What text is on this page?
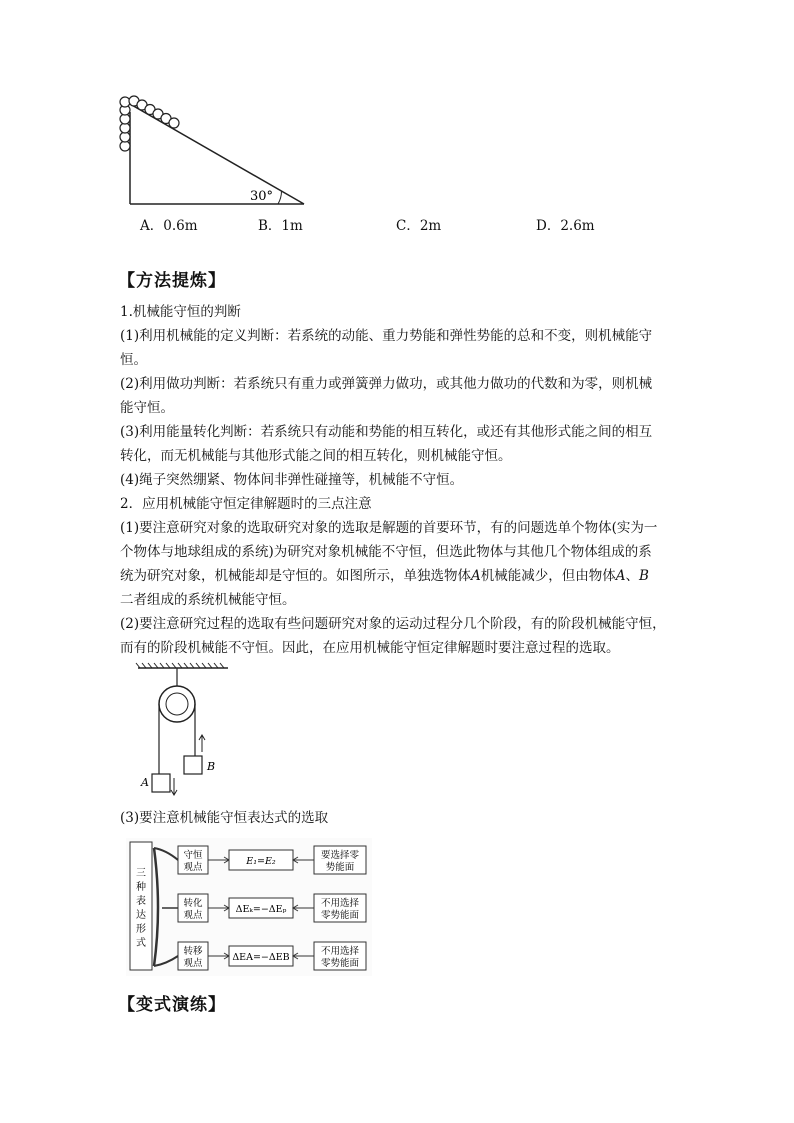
30°
A．0.6m	B．1m	C．2m	D．2.6m
【方法提炼】
1.机械能守恒的判断
(1)利用机械能的定义判断：若系统的动能、重力势能和弹性势能的总和不变，则机械能守
恒。
(2)利用做功判断：若系统只有重力或弹簧弹力做功，或其他力做功的代数和为零，则机械
能守恒。
(3)利用能量转化判断：若系统只有动能和势能的相互转化，或还有其他形式能之间的相互
转化，而无机械能与其他形式能之间的相互转化，则机械能守恒。
(4)绳子突然绷紧、物体间非弹性碰撞等，机械能不守恒。
2．应用机械能守恒定律解题时的三点注意
(1)要注意研究对象的选取研究对象的选取是解题的首要环节，有的问题选单个物体(实为一
个物体与地球组成的系统)为研究对象机械能不守恒，但选此物体与其他几个物体组成的系
统为研究对象，机械能却是守恒的。如图所示，单独选物体A机械能减少，但由物体A、B
二者组成的系统机械能守恒。
(2)要注意研究过程的选取有些问题研究对象的运动过程分几个阶段，有的阶段机械能守恒，
而有的阶段机械能不守恒。因此，在应用机械能守恒定律解题时要注意过程的选取。
A
B
(3)要注意机械能守恒表达式的选取
三
种
表
达
形
式
守恒
观点
E₁=E₂
要选择零
势能面
转化
观点
ΔEₖ=−ΔEₚ
不用选择
零势能面
转移
观点
ΔEA=−ΔEB
不用选择
零势能面
【变式演练】
